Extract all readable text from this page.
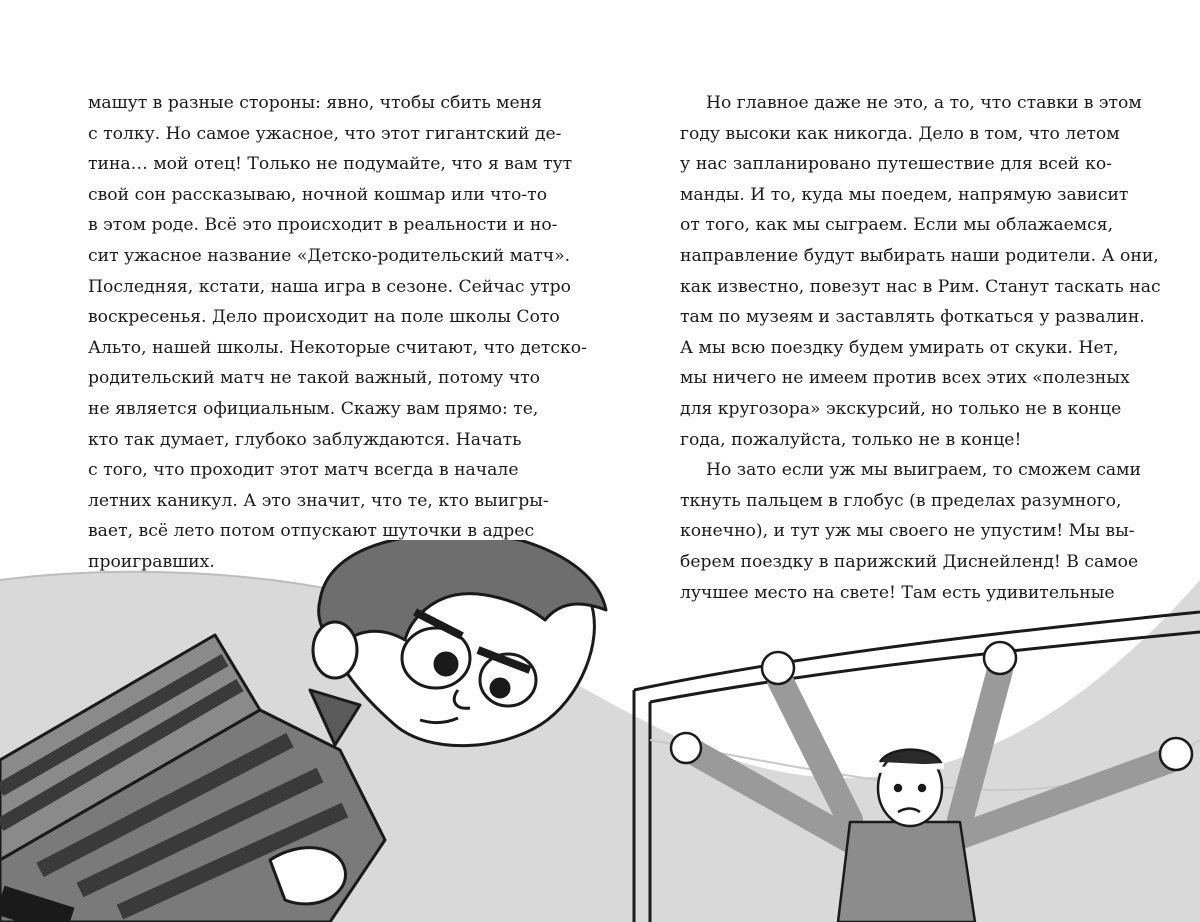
машут в разные стороны: явно, чтобы сбить меня
с толку. Но самое ужасное, что этот гигантский де-
тина… мой отец! Только не подумайте, что я вам тут
свой сон рассказываю, ночной кошмар или что-то
в этом роде. Всё это происходит в реальности и но-
сит ужасное название «Детско-родительский матч».
Последняя, кстати, наша игра в сезоне. Сейчас утро
воскресенья. Дело происходит на поле школы Сото
Альто, нашей школы. Некоторые считают, что детско-
родительский матч не такой важный, потому что
не является официальным. Скажу вам прямо: те,
кто так думает, глубоко заблуждаются. Начать
с того, что проходит этот матч всегда в начале
летних каникул. А это значит, что те, кто выигры-
вает, всё лето потом отпускают шуточки в адрес
проигравших.
Но главное даже не это, а то, что ставки в этом
году высоки как никогда. Дело в том, что летом
у нас запланировано путешествие для всей ко-
манды. И то, куда мы поедем, напрямую зависит
от того, как мы сыграем. Если мы облажаемся,
направление будут выбирать наши родители. А они,
как известно, повезут нас в Рим. Станут таскать нас
там по музеям и заставлять фоткаться у развалин.
А мы всю поездку будем умирать от скуки. Нет,
мы ничего не имеем против всех этих «полезных
для кругозора» экскурсий, но только не в конце
года, пожалуйста, только не в конце!
Но зато если уж мы выиграем, то сможем сами
ткнуть пальцем в глобус (в пределах разумного,
конечно), и тут уж мы своего не упустим! Мы вы-
берем поездку в парижский Диснейленд! В самое
лучшее место на свете! Там есть удивительные
